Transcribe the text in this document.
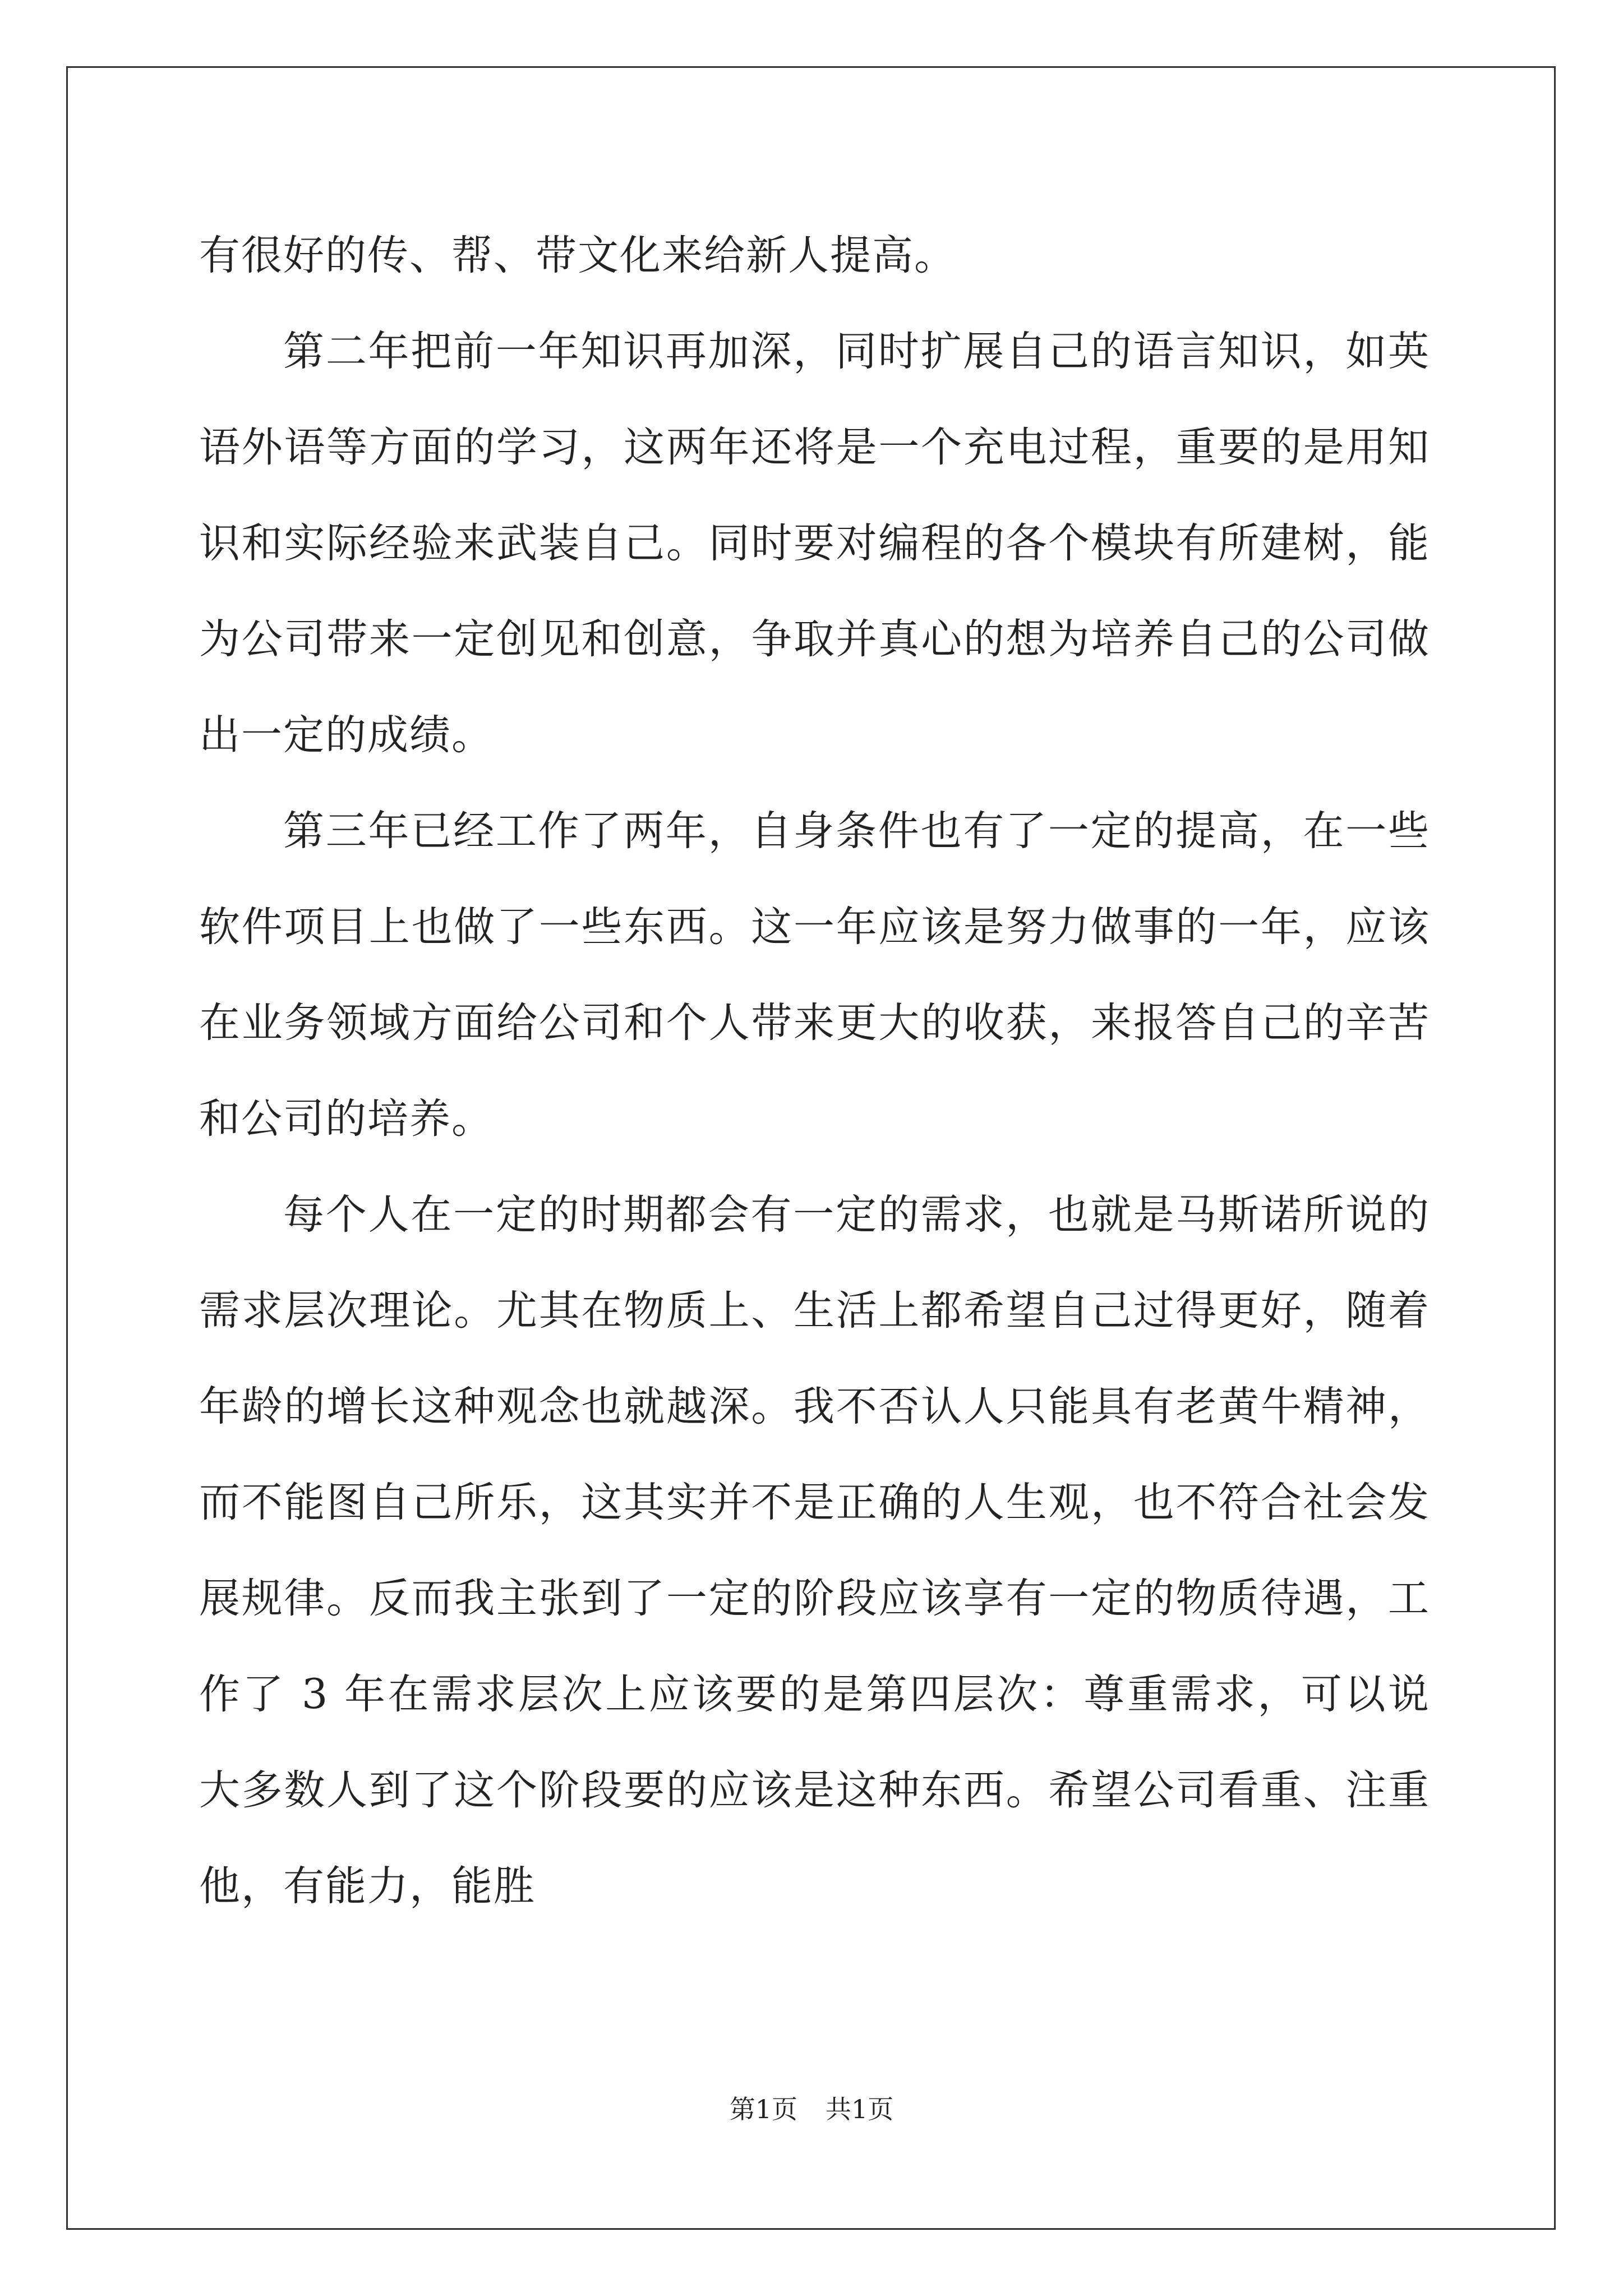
有很好的传、帮、带文化来给新人提高。

第二年把前一年知识再加深，同时扩展自己的语言知识，如英语外语等方面的学习，这两年还将是一个充电过程，重要的是用知识和实际经验来武装自己。同时要对编程的各个模块有所建树，能为公司带来一定创见和创意，争取并真心的想为培养自己的公司做出一定的成绩。

第三年已经工作了两年，自身条件也有了一定的提高，在一些软件项目上也做了一些东西。这一年应该是努力做事的一年，应该在业务领域方面给公司和个人带来更大的收获，来报答自己的辛苦和公司的培养。

每个人在一定的时期都会有一定的需求，也就是马斯诺所说的需求层次理论。尤其在物质上、生活上都希望自己过得更好，随着年龄的增长这种观念也就越深。我不否认人只能具有老黄牛精神，而不能图自己所乐，这其实并不是正确的人生观，也不符合社会发展规律。反而我主张到了一定的阶段应该享有一定的物质待遇，工作了 3 年在需求层次上应该要的是第四层次：尊重需求，可以说大多数人到了这个阶段要的应该是这种东西。希望公司看重、注重他，有能力，能胜

第1页 共1页
